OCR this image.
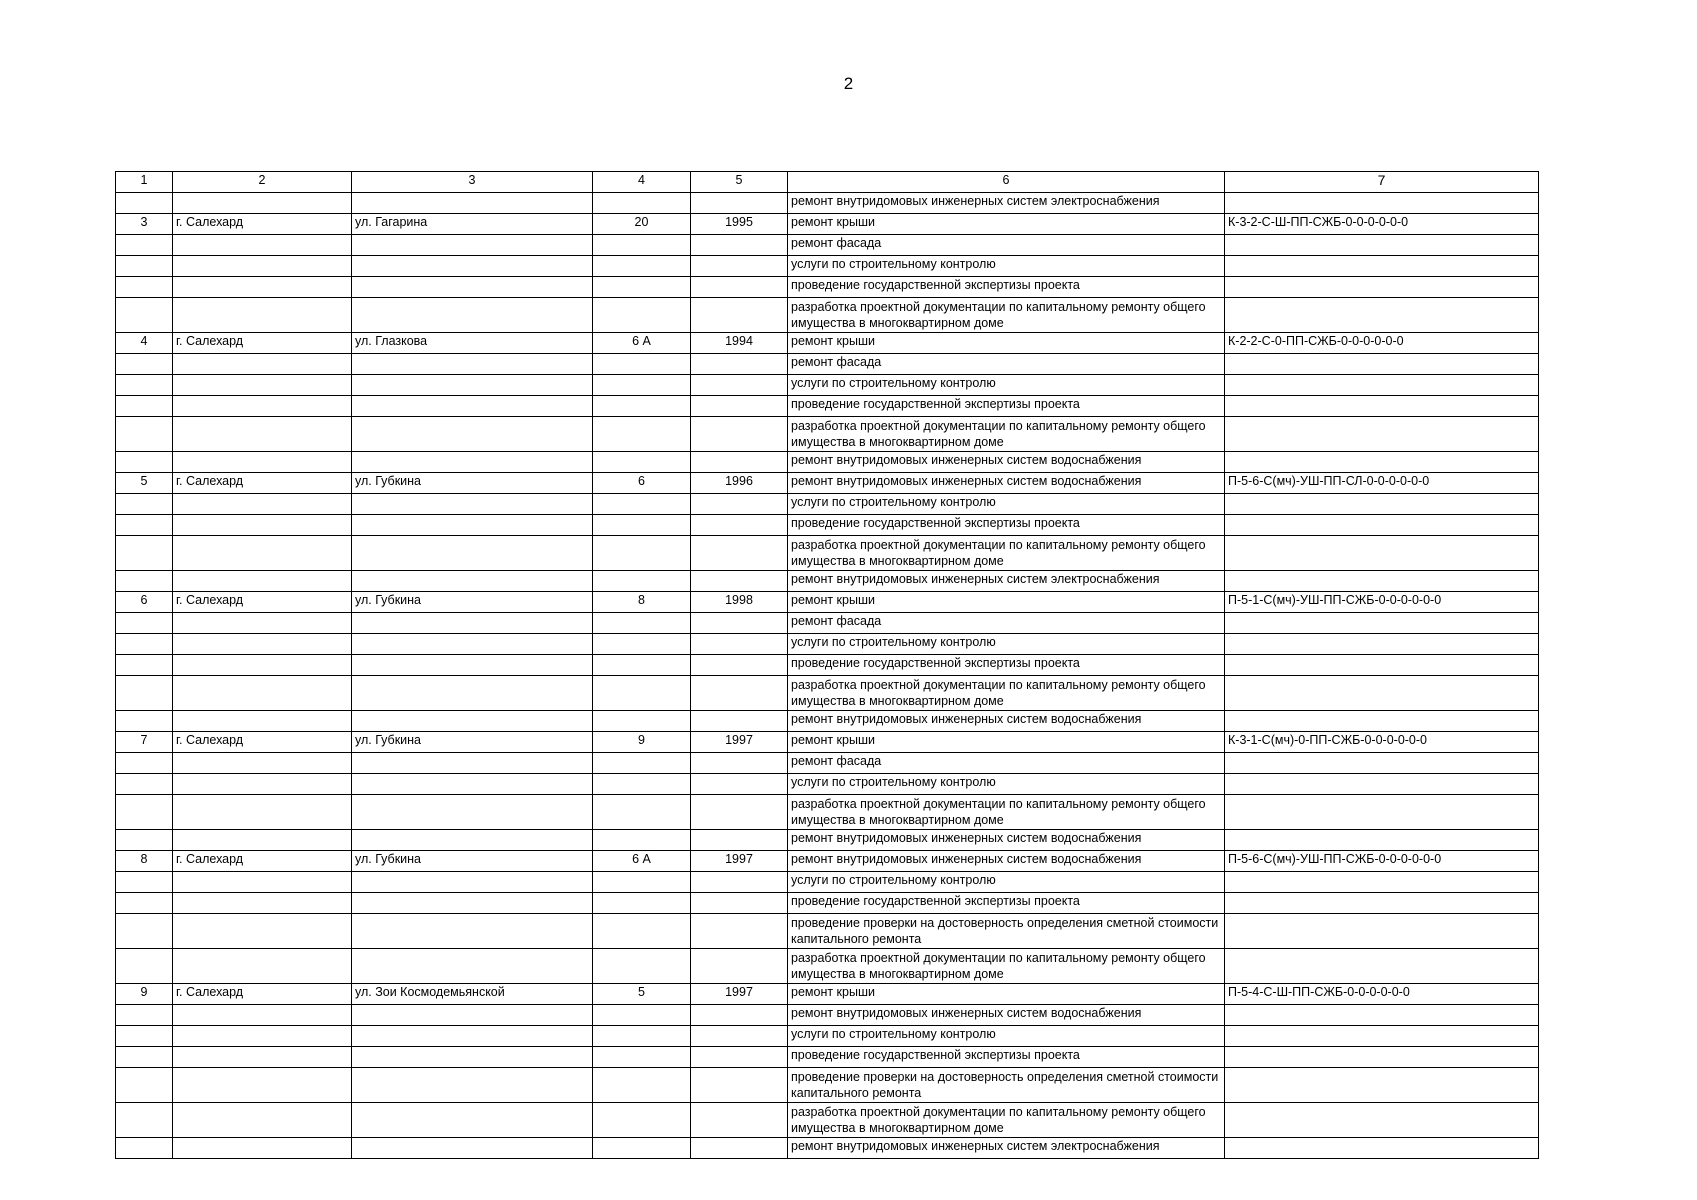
2
1	2	3	4	5	6	7
					ремонт внутридомовых инженерных систем электроснабжения	
3	г. Салехард	ул. Гагарина	20	1995	ремонт крыши	К-3-2-С-Ш-ПП-СЖБ-0-0-0-0-0-0
					ремонт фасада	
					услуги по строительному контролю	
					проведение государственной экспертизы проекта	
					разработка проектной документации по капитальному ремонту общего имущества в многоквартирном доме	
4	г. Салехард	ул. Глазкова	6 А	1994	ремонт крыши	К-2-2-С-0-ПП-СЖБ-0-0-0-0-0-0
					ремонт фасада	
					услуги по строительному контролю	
					проведение государственной экспертизы проекта	
					разработка проектной документации по капитальному ремонту общего имущества в многоквартирном доме	
					ремонт внутридомовых инженерных систем водоснабжения	
5	г. Салехард	ул. Губкина	6	1996	ремонт внутридомовых инженерных систем водоснабжения	П-5-6-С(мч)-УШ-ПП-СЛ-0-0-0-0-0-0
					услуги по строительному контролю	
					проведение государственной экспертизы проекта	
					разработка проектной документации по капитальному ремонту общего имущества в многоквартирном доме	
					ремонт внутридомовых инженерных систем электроснабжения	
6	г. Салехард	ул. Губкина	8	1998	ремонт крыши	П-5-1-С(мч)-УШ-ПП-СЖБ-0-0-0-0-0-0
					ремонт фасада	
					услуги по строительному контролю	
					проведение государственной экспертизы проекта	
					разработка проектной документации по капитальному ремонту общего имущества в многоквартирном доме	
					ремонт внутридомовых инженерных систем водоснабжения	
7	г. Салехард	ул. Губкина	9	1997	ремонт крыши	К-3-1-С(мч)-0-ПП-СЖБ-0-0-0-0-0-0
					ремонт фасада	
					услуги по строительному контролю	
					разработка проектной документации по капитальному ремонту общего имущества в многоквартирном доме	
					ремонт внутридомовых инженерных систем водоснабжения	
8	г. Салехард	ул. Губкина	6 А	1997	ремонт внутридомовых инженерных систем водоснабжения	П-5-6-С(мч)-УШ-ПП-СЖБ-0-0-0-0-0-0
					услуги по строительному контролю	
					проведение государственной экспертизы проекта	
					проведение проверки на достоверность определения сметной стоимости капитального ремонта	
					разработка проектной документации по капитальному ремонту общего имущества в многоквартирном доме	
9	г. Салехард	ул. Зои Космодемьянской	5	1997	ремонт крыши	П-5-4-С-Ш-ПП-СЖБ-0-0-0-0-0-0
					ремонт внутридомовых инженерных систем водоснабжения	
					услуги по строительному контролю	
					проведение государственной экспертизы проекта	
					проведение проверки на достоверность определения сметной стоимости капитального ремонта	
					разработка проектной документации по капитальному ремонту общего имущества в многоквартирном доме	
					ремонт внутридомовых инженерных систем электроснабжения	
